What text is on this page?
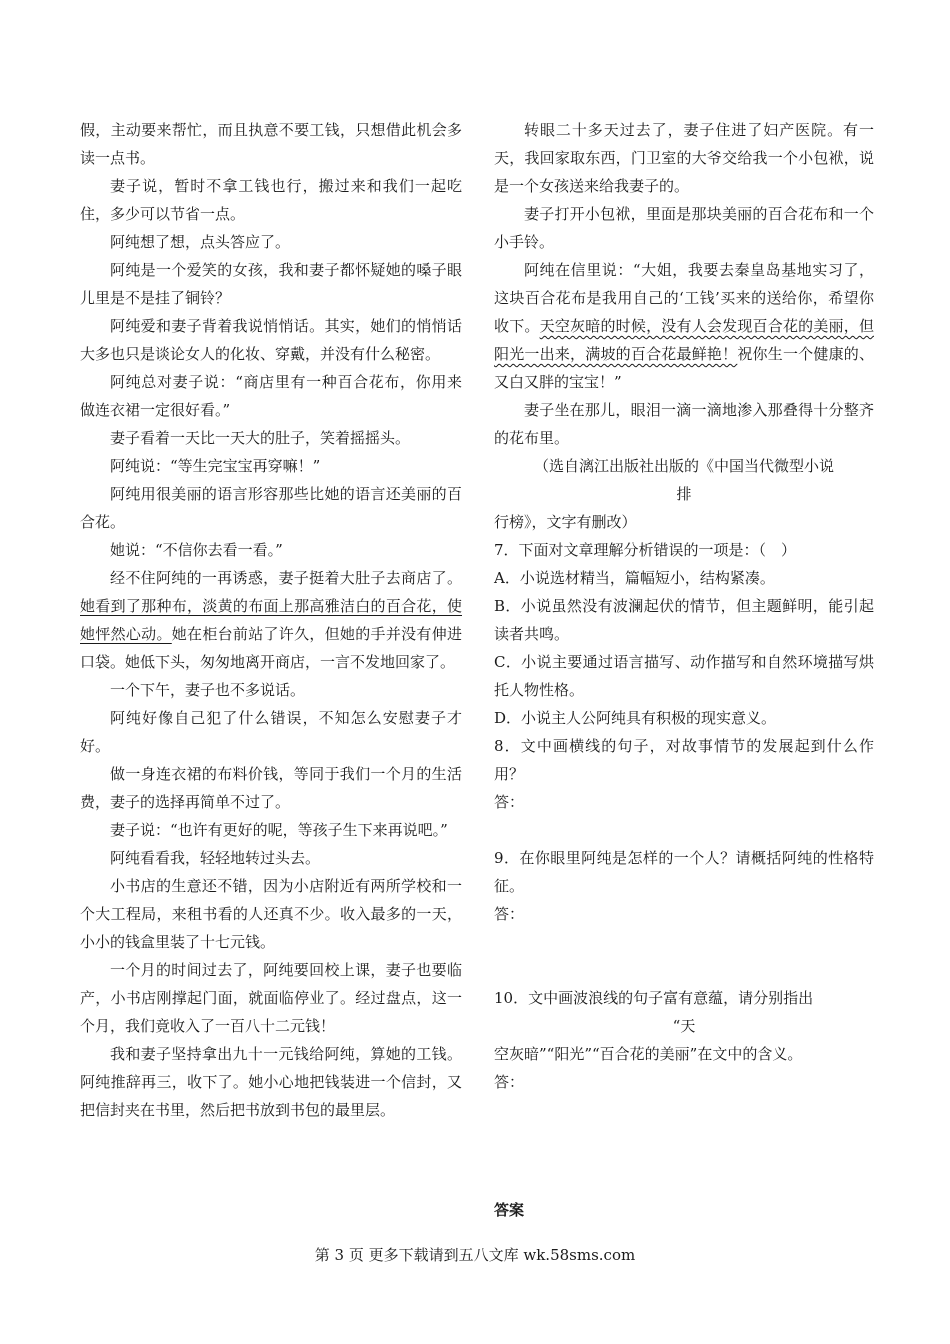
假，主动要来帮忙，而且执意不要工钱，只想借此机会多读一点书。

妻子说，暂时不拿工钱也行，搬过来和我们一起吃住，多少可以节省一点。

阿纯想了想，点头答应了。

阿纯是一个爱笑的女孩，我和妻子都怀疑她的嗓子眼儿里是不是挂了铜铃？

阿纯爱和妻子背着我说悄悄话。其实，她们的悄悄话大多也只是谈论女人的化妆、穿戴，并没有什么秘密。

阿纯总对妻子说：“商店里有一种百合花布，你用来做连衣裙一定很好看。”

妻子看着一天比一天大的肚子，笑着摇摇头。

阿纯说：“等生完宝宝再穿嘛！”

阿纯用很美丽的语言形容那些比她的语言还美丽的百合花。

她说：“不信你去看一看。”

经不住阿纯的一再诱惑，妻子挺着大肚子去商店了。她看到了那种布，淡黄的布面上那高雅洁白的百合花，使她怦然心动。她在柜台前站了许久，但她的手并没有伸进口袋。她低下头，匆匆地离开商店，一言不发地回家了。

一个下午，妻子也不多说话。

阿纯好像自己犯了什么错误，不知怎么安慰妻子才好。

做一身连衣裙的布料价钱，等同于我们一个月的生活费，妻子的选择再简单不过了。

妻子说：“也许有更好的呢，等孩子生下来再说吧。”

阿纯看看我，轻轻地转过头去。

小书店的生意还不错，因为小店附近有两所学校和一个大工程局，来租书看的人还真不少。收入最多的一天，小小的钱盒里装了十七元钱。

一个月的时间过去了，阿纯要回校上课，妻子也要临产，小书店刚撑起门面，就面临停业了。经过盘点，这一个月，我们竟收入了一百八十二元钱！

我和妻子坚持拿出九十一元钱给阿纯，算她的工钱。阿纯推辞再三，收下了。她小心地把钱装进一个信封，又把信封夹在书里，然后把书放到书包的最里层。

转眼二十多天过去了，妻子住进了妇产医院。有一天，我回家取东西，门卫室的大爷交给我一个小包袱，说是一个女孩送来给我妻子的。

妻子打开小包袱，里面是那块美丽的百合花布和一个小手铃。

阿纯在信里说：“大姐，我要去秦皇岛基地实习了，这块百合花布是我用自己的‘工钱’买来的送给你，希望你收下。天空灰暗的时候，没有人会发现百合花的美丽，但阳光一出来，满坡的百合花最鲜艳！祝你生一个健康的、又白又胖的宝宝！”

妻子坐在那儿，眼泪一滴一滴地渗入那叠得十分整齐的花布里。

（选自漓江出版社出版的《中国当代微型小说

排

行榜》，文字有删改）

7．下面对文章理解分析错误的一项是：（　）

A．小说选材精当，篇幅短小，结构紧凑。

B．小说虽然没有波澜起伏的情节，但主题鲜明，能引起读者共鸣。

C．小说主要通过语言描写、动作描写和自然环境描写烘托人物性格。

D．小说主人公阿纯具有积极的现实意义。

8．文中画横线的句子，对故事情节的发展起到什么作用？

答：

9．在你眼里阿纯是怎样的一个人？请概括阿纯的性格特征。

答：

10．文中画波浪线的句子富有意蕴，请分别指出

“天

空灰暗”“阳光”“百合花的美丽”在文中的含义。

答：

答案

第 3 页 更多下载请到五八文库 wk.58sms.com
